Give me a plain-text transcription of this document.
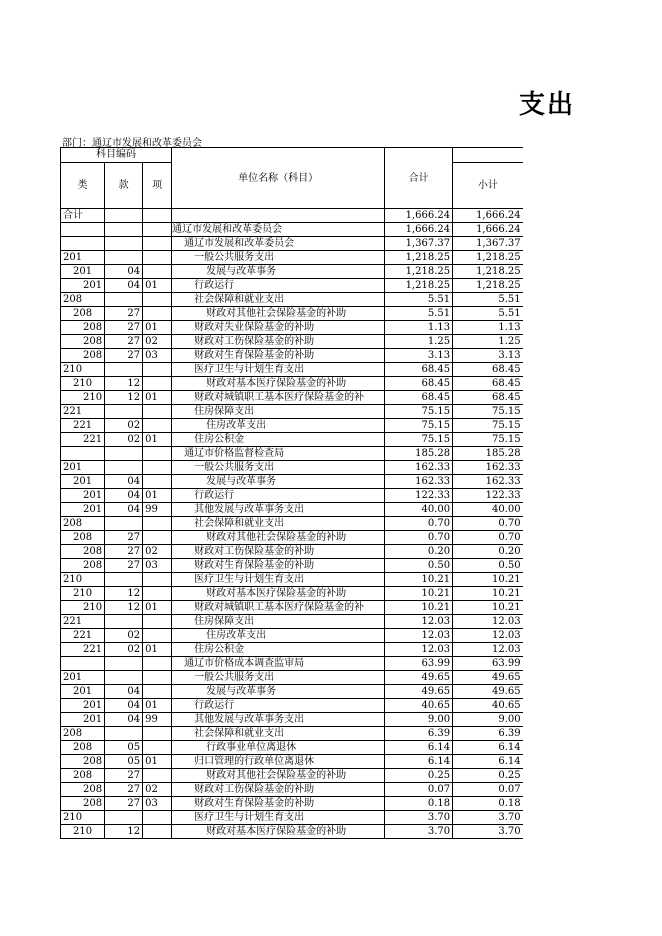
支出
部门：通辽市发展和改革委员会
科目编码			单位名称（科目）	合计	
类	款	项			小计
合计				1,666.24	1,666.24
			通辽市发展和改革委员会	1,666.24	1,666.24
			通辽市发展和改革委员会	1,367.37	1,367.37
201			一般公共服务支出	1,218.25	1,218.25
201	04		发展与改革事务	1,218.25	1,218.25
201	04	01	行政运行	1,218.25	1,218.25
208			社会保障和就业支出	5.51	5.51
208	27		财政对其他社会保险基金的补助	5.51	5.51
208	27	01	财政对失业保险基金的补助	1.13	1.13
208	27	02	财政对工伤保险基金的补助	1.25	1.25
208	27	03	财政对生育保险基金的补助	3.13	3.13
210			医疗卫生与计划生育支出	68.45	68.45
210	12		财政对基本医疗保险基金的补助	68.45	68.45
210	12	01	财政对城镇职工基本医疗保险基金的补	68.45	68.45
221			住房保障支出	75.15	75.15
221	02		住房改革支出	75.15	75.15
221	02	01	住房公积金	75.15	75.15
			通辽市价格监督检查局	185.28	185.28
201			一般公共服务支出	162.33	162.33
201	04		发展与改革事务	162.33	162.33
201	04	01	行政运行	122.33	122.33
201	04	99	其他发展与改革事务支出	40.00	40.00
208			社会保障和就业支出	0.70	0.70
208	27		财政对其他社会保险基金的补助	0.70	0.70
208	27	02	财政对工伤保险基金的补助	0.20	0.20
208	27	03	财政对生育保险基金的补助	0.50	0.50
210			医疗卫生与计划生育支出	10.21	10.21
210	12		财政对基本医疗保险基金的补助	10.21	10.21
210	12	01	财政对城镇职工基本医疗保险基金的补	10.21	10.21
221			住房保障支出	12.03	12.03
221	02		住房改革支出	12.03	12.03
221	02	01	住房公积金	12.03	12.03
			通辽市价格成本调查监审局	63.99	63.99
201			一般公共服务支出	49.65	49.65
201	04		发展与改革事务	49.65	49.65
201	04	01	行政运行	40.65	40.65
201	04	99	其他发展与改革事务支出	9.00	9.00
208			社会保障和就业支出	6.39	6.39
208	05		行政事业单位离退休	6.14	6.14
208	05	01	归口管理的行政单位离退休	6.14	6.14
208	27		财政对其他社会保险基金的补助	0.25	0.25
208	27	02	财政对工伤保险基金的补助	0.07	0.07
208	27	03	财政对生育保险基金的补助	0.18	0.18
210			医疗卫生与计划生育支出	3.70	3.70
210	12		财政对基本医疗保险基金的补助	3.70	3.70
